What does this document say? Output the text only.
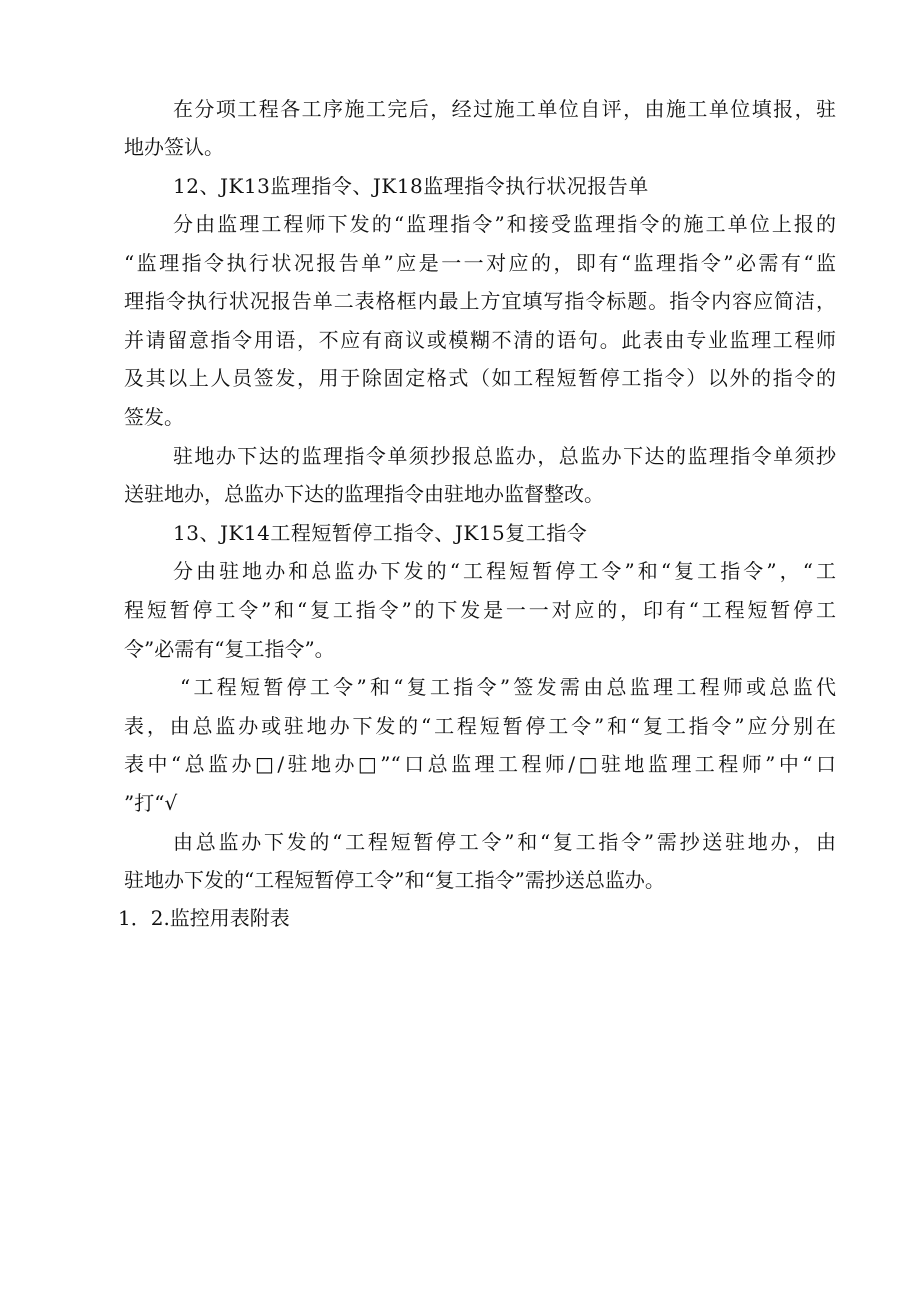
在分项工程各工序施工完后，经过施工单位自评，由施工单位填报，驻
地办签认。
12、JK13监理指令、JK18监理指令执行状况报告单
分由监理工程师下发的“监理指令”和接受监理指令的施工单位上报的
“监理指令执行状况报告单”应是一一对应的，即有“监理指令”必需有“监
理指令执行状况报告单二表格框内最上方宜填写指令标题。指令内容应简洁，
并请留意指令用语，不应有商议或模糊不清的语句。此表由专业监理工程师
及其以上人员签发，用于除固定格式（如工程短暂停工指令）以外的指令的
签发。
驻地办下达的监理指令单须抄报总监办，总监办下达的监理指令单须抄
送驻地办，总监办下达的监理指令由驻地办监督整改。
13、JK14工程短暂停工指令、JK15复工指令
分由驻地办和总监办下发的“工程短暂停工令”和“复工指令”，“工
程短暂停工令”和“复工指令”的下发是一一对应的，印有“工程短暂停工
令”必需有“复工指令”。
“工程短暂停工令”和“复工指令”签发需由总监理工程师或总监代
表，由总监办或驻地办下发的“工程短暂停工令”和“复工指令”应分别在
表中“总监办□/驻地办□”“口总监理工程师/□驻地监理工程师”中“口
”打“√
由总监办下发的“工程短暂停工令”和“复工指令”需抄送驻地办，由
驻地办下发的“工程短暂停工令”和“复工指令”需抄送总监办。
1．2.监控用表附表
